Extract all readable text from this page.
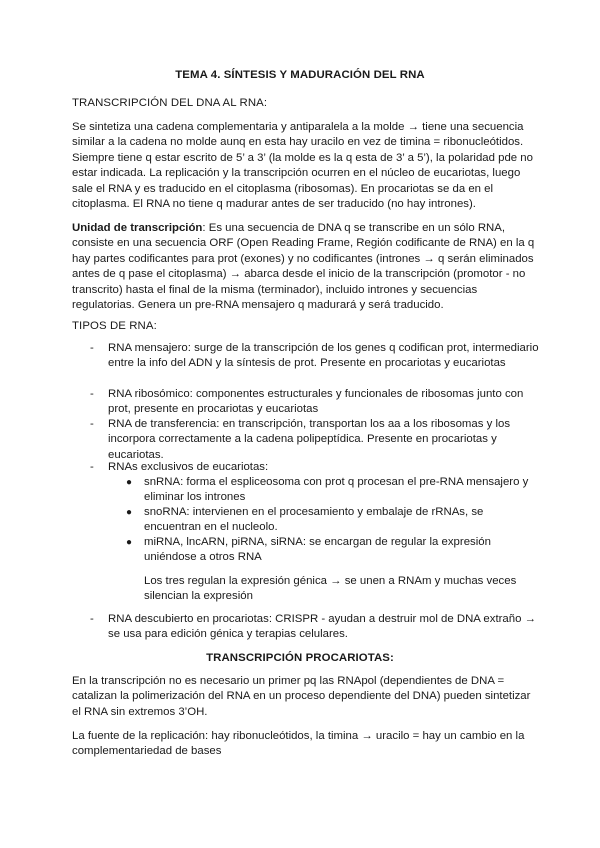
TEMA 4. SÍNTESIS Y MADURACIÓN DEL RNA
TRANSCRIPCIÓN DEL DNA AL RNA:

Se sintetiza una cadena complementaria y antiparalela a la molde → tiene una secuencia similar a la cadena no molde aunq en esta hay uracilo en vez de timina = ribonucleótidos. Siempre tiene q estar escrito de 5’ a 3’ (la molde es la q esta de 3’ a 5’), la polaridad pde no estar indicada. La replicación y la transcripción ocurren en el núcleo de eucariotas, luego sale el RNA y es traducido en el citoplasma (ribosomas). En procariotas se da en el citoplasma. El RNA no tiene q madurar antes de ser traducido (no hay intrones).

Unidad de transcripción: Es una secuencia de DNA q se transcribe en un sólo RNA, consiste en una secuencia ORF (Open Reading Frame, Región codificante de RNA) en la q hay partes codificantes para prot (exones) y no codificantes (intrones → q serán eliminados antes de q pase el citoplasma) → abarca desde el inicio de la transcripción (promotor - no transcrito) hasta el final de la misma (terminador), incluido intrones y secuencias regulatorias. Genera un pre-RNA mensajero q madurará y será traducido.

TIPOS DE RNA:
- RNA mensajero: surge de la transcripción de los genes q codifican prot, intermediario entre la info del ADN y la síntesis de prot. Presente en procariotas y eucariotas
- RNA ribosómico: componentes estructurales y funcionales de ribosomas junto con prot, presente en procariotas y eucariotas
- RNA de transferencia: en transcripción, transportan los aa a los ribosomas y los incorpora correctamente a la cadena polipeptídica. Presente en procariotas y eucariotas.
- RNAs exclusivos de eucariotas:
● snRNA: forma el espliceosoma con prot q procesan el pre-RNA mensajero y eliminar los intrones
● snoRNA: intervienen en el procesamiento y embalaje de rRNAs, se encuentran en el nucleolo.
● miRNA, lncARN, piRNA, siRNA: se encargan de regular la expresión uniéndose a otros RNA
Los tres regulan la expresión génica → se unen a RNAm y muchas veces silencian la expresión
- RNA descubierto en procariotas: CRISPR - ayudan a destruir mol de DNA extraño → se usa para edición génica y terapias celulares.
TRANSCRIPCIÓN PROCARIOTAS:

En la transcripción no es necesario un primer pq las RNApol (dependientes de DNA = catalizan la polimerización del RNA en un proceso dependiente del DNA) pueden sintetizar el RNA sin extremos 3’OH.

La fuente de la replicación: hay ribonucleótidos, la timina → uracilo = hay un cambio en la complementariedad de bases
